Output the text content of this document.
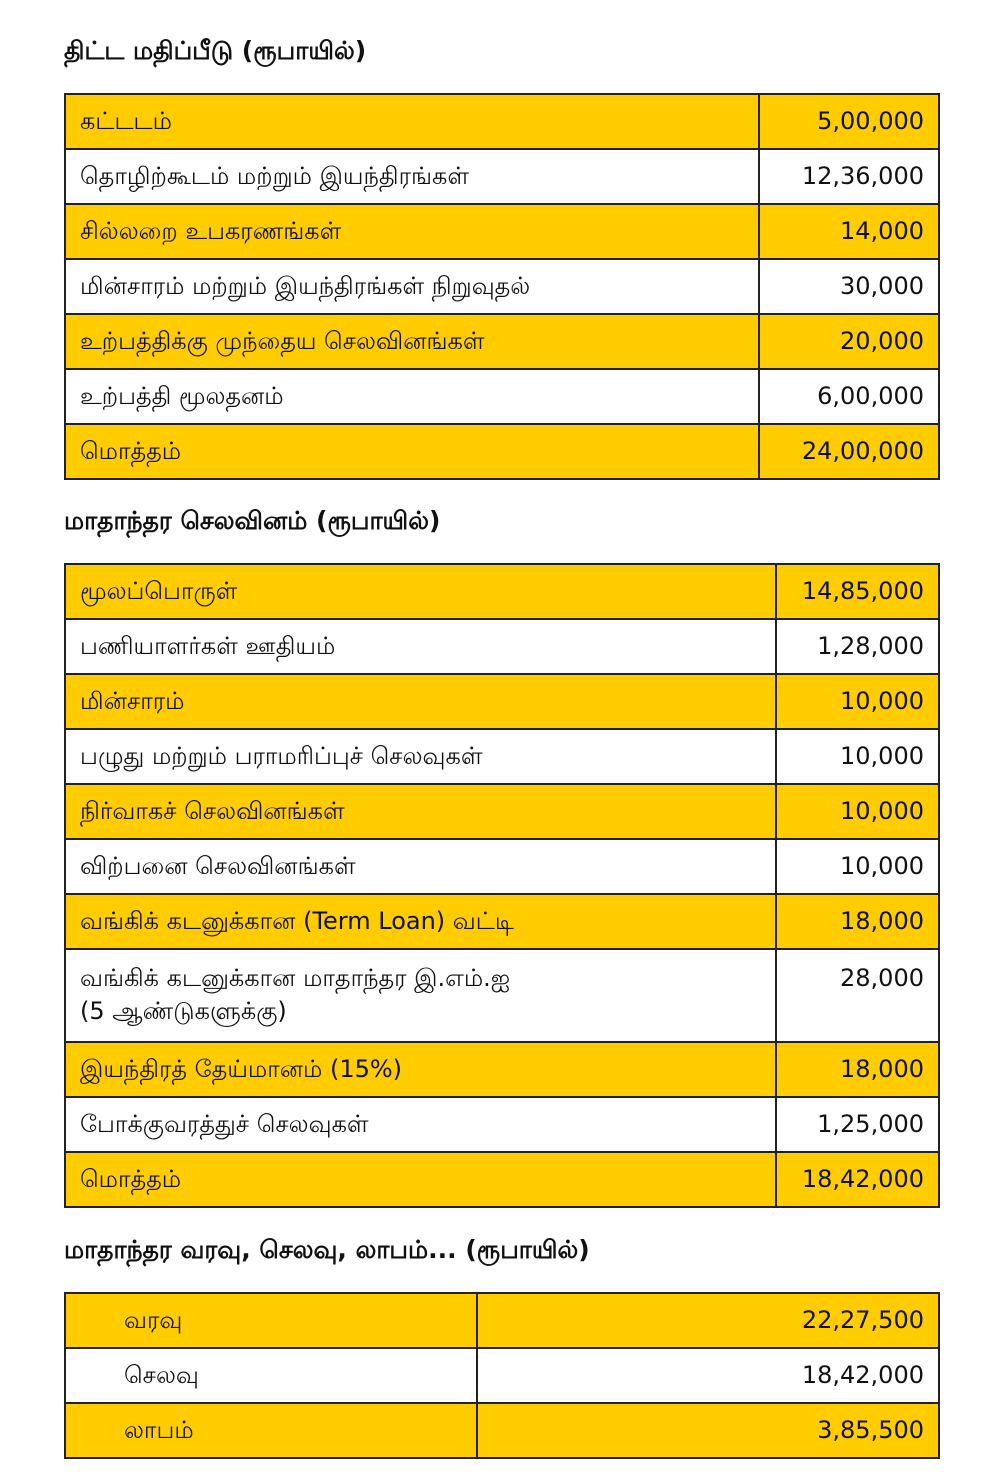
திட்ட மதிப்பீடு (ரூபாயில்)
கட்டடம்	5,00,000
தொழிற்கூடம் மற்றும் இயந்திரங்கள்	12,36,000
சில்லறை உபகரணங்கள்	14,000
மின்சாரம் மற்றும் இயந்திரங்கள் நிறுவுதல்	30,000
உற்பத்திக்கு முந்தைய செலவினங்கள்	20,000
உற்பத்தி மூலதனம்	6,00,000
மொத்தம்	24,00,000
மாதாந்தர செலவினம் (ரூபாயில்)
மூலப்பொருள்	14,85,000
பணியாளர்கள் ஊதியம்	1,28,000
மின்சாரம்	10,000
பழுது மற்றும் பராமரிப்புச் செலவுகள்	10,000
நிர்வாகச் செலவினங்கள்	10,000
விற்பனை செலவினங்கள்	10,000
வங்கிக் கடனுக்கான (Term Loan) வட்டி	18,000

வங்கிக் கடனுக்கான மாதாந்தர இ.எம்.ஐ
(5 ஆண்டுகளுக்கு)	28,000
இயந்திரத் தேய்மானம் (15%)	18,000
போக்குவரத்துச் செலவுகள்	1,25,000
மொத்தம்	18,42,000
மாதாந்தர வரவு, செலவு, லாபம்... (ரூபாயில்)
வரவு	22,27,500
செலவு	18,42,000
லாபம்	3,85,500
